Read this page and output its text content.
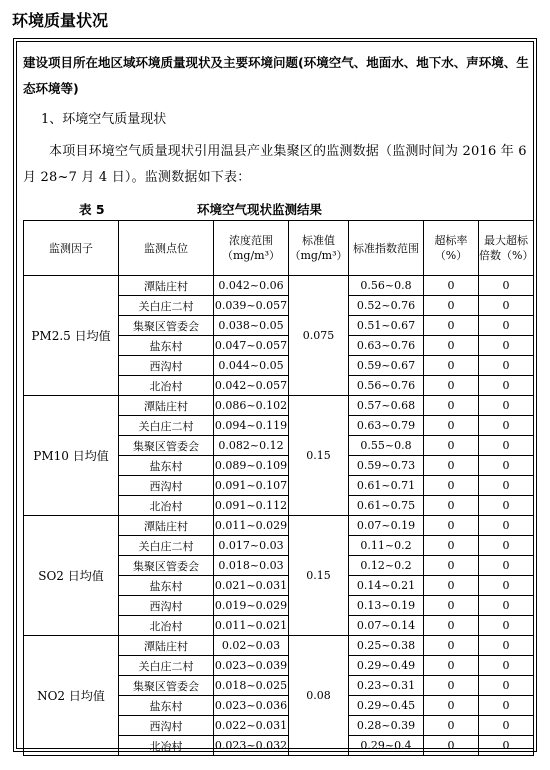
环境质量状况
建设项目所在地区域环境质量现状及主要环境问题(环境空气、地面水、地下水、声环境、生态环境等)
1、环境空气质量现状
本项目环境空气质量现状引用温县产业集聚区的监测数据（监测时间为 2016 年 6 月 28~7 月 4 日）。监测数据如下表：
表 5	环境空气现状监测结果
监测因子	监测点位	浓度范围（mg/m³）	标准值（mg/m³）	标准指数范围	超标率（%）	最大超标倍数（%）
PM2.5 日均值	潭陆庄村	0.042~0.06	0.075	0.56~0.8	0	0
	关白庄二村	0.039~0.057		0.52~0.76	0	0
	集聚区管委会	0.038~0.05		0.51~0.67	0	0
	盐东村	0.047~0.057		0.63~0.76	0	0
	西沟村	0.044~0.05		0.59~0.67	0	0
	北冶村	0.042~0.057		0.56~0.76	0	0
PM10 日均值	潭陆庄村	0.086~0.102	0.15	0.57~0.68	0	0
	关白庄二村	0.094~0.119		0.63~0.79	0	0
	集聚区管委会	0.082~0.12		0.55~0.8	0	0
	盐东村	0.089~0.109		0.59~0.73	0	0
	西沟村	0.091~0.107		0.61~0.71	0	0
	北冶村	0.091~0.112		0.61~0.75	0	0
SO2 日均值	潭陆庄村	0.011~0.029	0.15	0.07~0.19	0	0
	关白庄二村	0.017~0.03		0.11~0.2	0	0
	集聚区管委会	0.018~0.03		0.12~0.2	0	0
	盐东村	0.021~0.031		0.14~0.21	0	0
	西沟村	0.019~0.029		0.13~0.19	0	0
	北冶村	0.011~0.021		0.07~0.14	0	0
NO2 日均值	潭陆庄村	0.02~0.03	0.08	0.25~0.38	0	0
	关白庄二村	0.023~0.039		0.29~0.49	0	0
	集聚区管委会	0.018~0.025		0.23~0.31	0	0
	盐东村	0.023~0.036		0.29~0.45	0	0
	西沟村	0.022~0.031		0.28~0.39	0	0
	北冶村	0.023~0.032		0.29~0.4	0	0
